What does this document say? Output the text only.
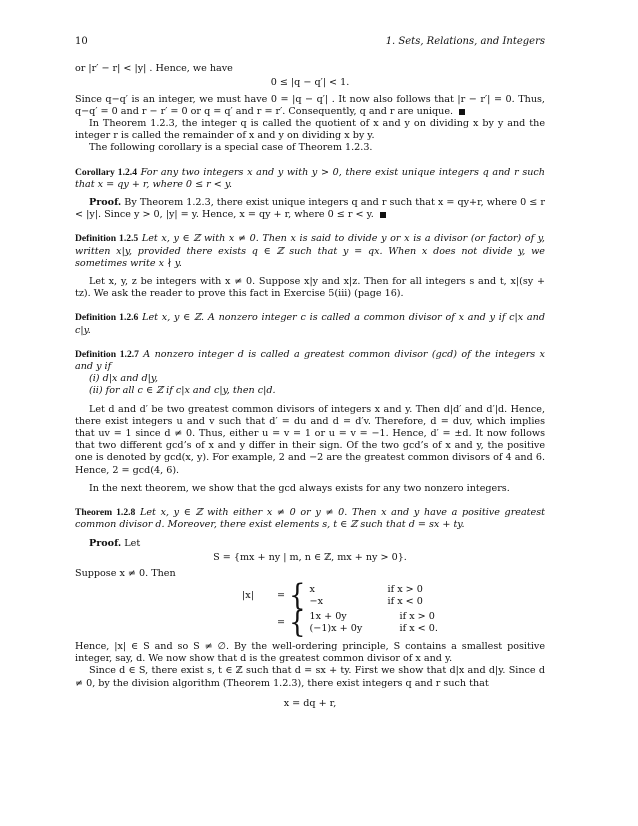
10	1. Sets, Relations, and Integers

or |r′ − r| < |y| . Hence, we have

0 ≤ |q − q′| < 1.

Since q−q′ is an integer, we must have 0 = |q − q′| . It now also follows that |r − r′| = 0. Thus, q−q′ = 0 and r − r′ = 0 or q = q′ and r = r′. Consequently, q and r are unique.

In Theorem 1.2.3, the integer q is called the quotient of x and y on dividing x by y and the integer r is called the remainder of x and y on dividing x by y.

The following corollary is a special case of Theorem 1.2.3.

Corollary 1.2.4 For any two integers x and y with y > 0, there exist unique integers q and r such that x = qy + r, where 0 ≤ r < y.

Proof. By Theorem 1.2.3, there exist unique integers q and r such that x = qy+r, where 0 ≤ r < |y|. Since y > 0, |y| = y. Hence, x = qy + r, where 0 ≤ r < y.

Definition 1.2.5 Let x, y ∈ ℤ with x ≠ 0. Then x is said to divide y or x is a divisor (or factor) of y, written x|y, provided there exists q ∈ ℤ such that y = qx. When x does not divide y, we sometimes write x ∤ y.

Let x, y, z be integers with x ≠ 0. Suppose x|y and x|z. Then for all integers s and t, x|(sy + tz). We ask the reader to prove this fact in Exercise 5(iii) (page 16).

Definition 1.2.6 Let x, y ∈ ℤ. A nonzero integer c is called a common divisor of x and y if c|x and c|y.

Definition 1.2.7 A nonzero integer d is called a greatest common divisor (gcd) of the integers x and y if

(i) d|x and d|y,
(ii) for all c ∈ ℤ if c|x and c|y, then c|d.

Let d and d′ be two greatest common divisors of integers x and y. Then d|d′ and d′|d. Hence, there exist integers u and v such that d′ = du and d = d′v. Therefore, d = duv, which implies that uv = 1 since d ≠ 0. Thus, either u = v = 1 or u = v = −1. Hence, d′ = ±d. It now follows that two different gcd’s of x and y differ in their sign. Of the two gcd’s of x and y, the positive one is denoted by gcd(x, y). For example, 2 and −2 are the greatest common divisors of 4 and 6. Hence, 2 = gcd(4, 6).

In the next theorem, we show that the gcd always exists for any two nonzero integers.

Theorem 1.2.8 Let x, y ∈ ℤ with either x ≠ 0 or y ≠ 0. Then x and y have a positive greatest common divisor d. Moreover, there exist elements s, t ∈ ℤ such that d = sx + ty.

Proof. Let

S = {mx + ny | m, n ∈ ℤ, mx + ny > 0}.

Suppose x ≠ 0. Then

|x|	= { x	if x > 0
−x	if x < 0
= { 1x + 0y	if x > 0
(−1)x + 0y	if x < 0.

Hence, |x| ∈ S and so S ≠ ∅. By the well-ordering principle, S contains a smallest positive integer, say, d. We now show that d is the greatest common divisor of x and y.

Since d ∈ S, there exist s, t ∈ ℤ such that d = sx + ty. First we show that d|x and d|y. Since d ≠ 0, by the division algorithm (Theorem 1.2.3), there exist integers q and r such that

x = dq + r,
